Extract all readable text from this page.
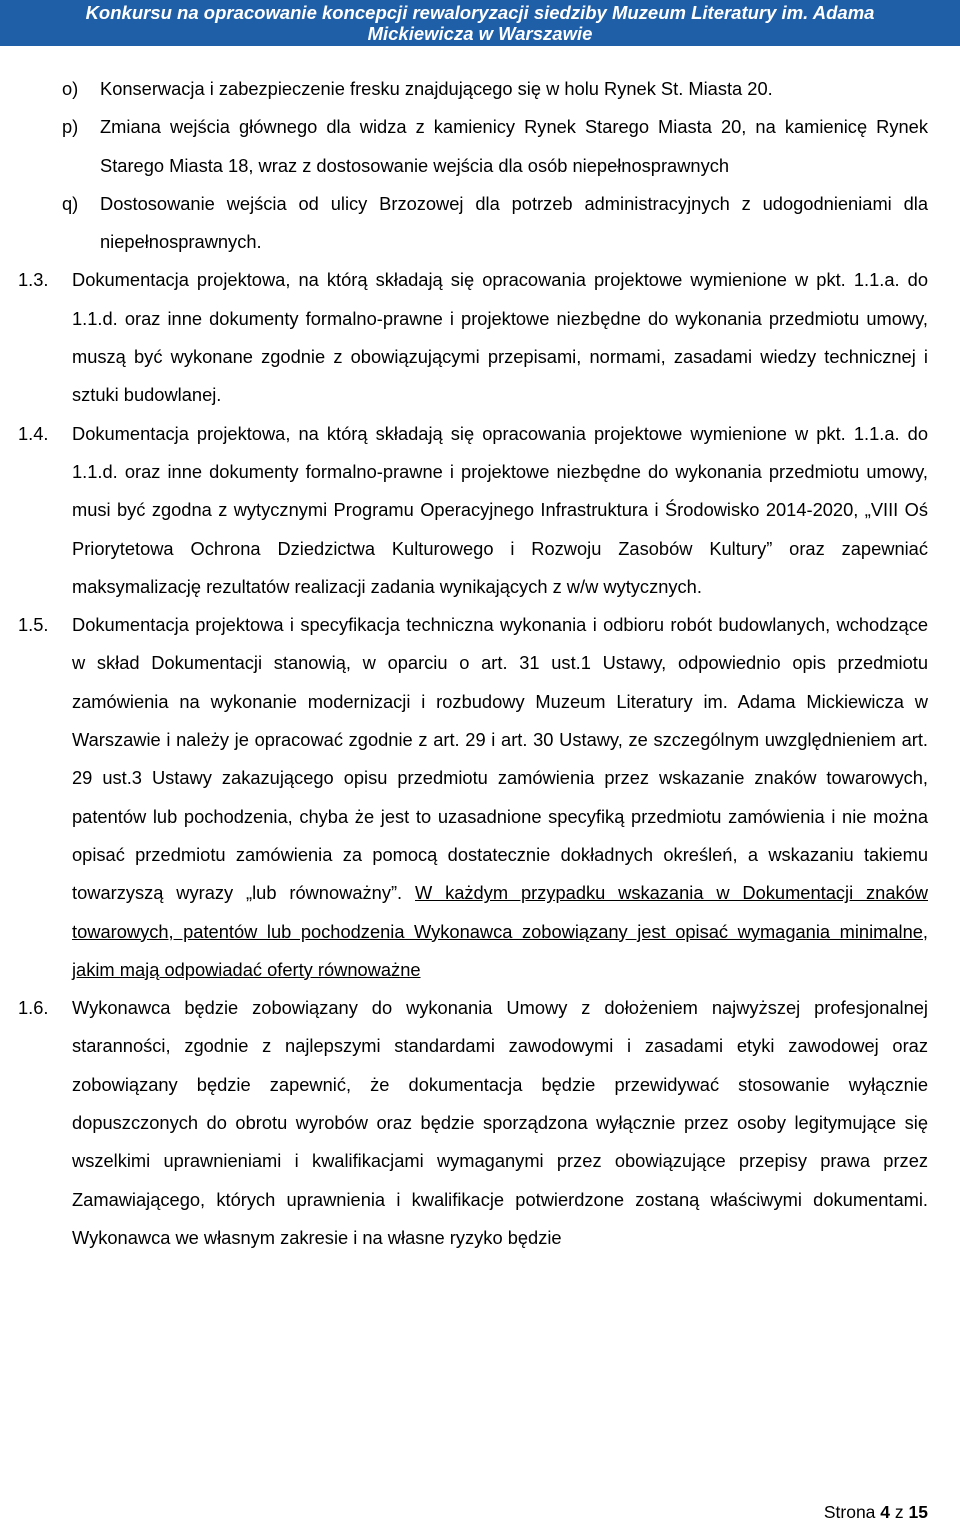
Konkursu na opracowanie koncepcji rewaloryzacji siedziby Muzeum Literatury im. Adama
Mickiewicza w Warszawie
o) Konserwacja i zabezpieczenie fresku znajdującego się w holu Rynek St. Miasta 20.
p) Zmiana wejścia głównego dla widza z kamienicy Rynek Starego Miasta 20, na kamienicę Rynek Starego Miasta 18, wraz z dostosowanie wejścia dla osób niepełnosprawnych
q) Dostosowanie wejścia od ulicy Brzozowej dla potrzeb administracyjnych z udogodnieniami dla niepełnosprawnych.
1.3. Dokumentacja projektowa, na którą składają się opracowania projektowe wymienione w pkt. 1.1.a. do 1.1.d. oraz inne dokumenty formalno-prawne i projektowe niezbędne do wykonania przedmiotu umowy, muszą być wykonane zgodnie z obowiązującymi przepisami, normami, zasadami wiedzy technicznej i sztuki budowlanej.
1.4. Dokumentacja projektowa, na którą składają się opracowania projektowe wymienione w pkt. 1.1.a. do 1.1.d. oraz inne dokumenty formalno-prawne i projektowe niezbędne do wykonania przedmiotu umowy, musi być zgodna z wytycznymi Programu Operacyjnego Infrastruktura i Środowisko 2014-2020, „VIII Oś Priorytetowa Ochrona Dziedzictwa Kulturowego i Rozwoju Zasobów Kultury” oraz zapewniać maksymalizację rezultatów realizacji zadania wynikających z w/w wytycznych.
1.5. Dokumentacja projektowa i specyfikacja techniczna wykonania i odbioru robót budowlanych, wchodzące w skład Dokumentacji stanowią, w oparciu o art. 31 ust.1 Ustawy, odpowiednio opis przedmiotu zamówienia na wykonanie modernizacji i rozbudowy Muzeum Literatury im. Adama Mickiewicza w Warszawie i należy je opracować zgodnie z art. 29 i art. 30 Ustawy, ze szczególnym uwzględnieniem art. 29 ust.3 Ustawy zakazującego opisu przedmiotu zamówienia przez wskazanie znaków towarowych, patentów lub pochodzenia, chyba że jest to uzasadnione specyfiką przedmiotu zamówienia i nie można opisać przedmiotu zamówienia za pomocą dostatecznie dokładnych określeń, a wskazaniu takiemu towarzyszą wyrazy „lub równoważny”. W każdym przypadku wskazania w Dokumentacji znaków towarowych, patentów lub pochodzenia Wykonawca zobowiązany jest opisać wymagania minimalne, jakim mają odpowiadać oferty równoważne
1.6. Wykonawca będzie zobowiązany do wykonania Umowy z dołożeniem najwyższej profesjonalnej staranności, zgodnie z najlepszymi standardami zawodowymi i zasadami etyki zawodowej oraz zobowiązany będzie zapewnić, że dokumentacja będzie przewidywać stosowanie wyłącznie dopuszczonych do obrotu wyrobów oraz będzie sporządzona wyłącznie przez osoby legitymujące się wszelkimi uprawnieniami i kwalifikacjami wymaganymi przez obowiązujące przepisy prawa przez Zamawiającego, których uprawnienia i kwalifikacje potwierdzone zostaną właściwymi dokumentami. Wykonawca we własnym zakresie i na własne ryzyko będzie
Strona 4 z 15
